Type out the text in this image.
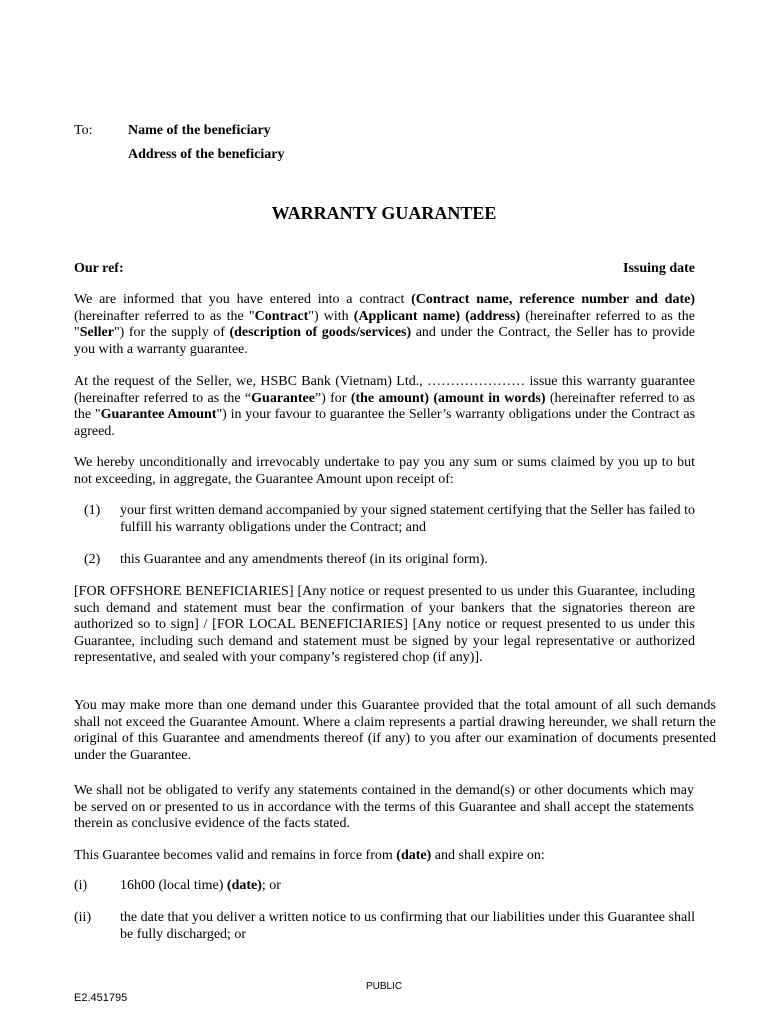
To:	Name of the beneficiary
Address of the beneficiary
WARRANTY GUARANTEE
Our ref:	Issuing date
We are informed that you have entered into a contract (Contract name, reference number and date) (hereinafter referred to as the "Contract") with (Applicant name) (address) (hereinafter referred to as the "Seller") for the supply of (description of goods/services) and under the Contract, the Seller has to provide you with a warranty guarantee.
At the request of the Seller, we, HSBC Bank (Vietnam) Ltd., ………………… issue this warranty guarantee (hereinafter referred to as the “Guarantee”) for (the amount) (amount in words) (hereinafter referred to as the "Guarantee Amount") in your favour to guarantee the Seller’s warranty obligations under the Contract as agreed.
We hereby unconditionally and irrevocably undertake to pay you any sum or sums claimed by you up to but not exceeding, in aggregate, the Guarantee Amount upon receipt of:
(1)	your first written demand accompanied by your signed statement certifying that the Seller has failed to fulfill his warranty obligations under the Contract; and
(2)	this Guarantee and any amendments thereof (in its original form).
[FOR OFFSHORE BENEFICIARIES] [Any notice or request presented to us under this Guarantee, including such demand and statement must bear the confirmation of your bankers that the signatories thereon are authorized so to sign] / [FOR LOCAL BENEFICIARIES] [Any notice or request presented to us under this Guarantee, including such demand and statement must be signed by your legal representative or authorized representative, and sealed with your company’s registered chop (if any)].
You may make more than one demand under this Guarantee provided that the total amount of all such demands shall not exceed the Guarantee Amount. Where a claim represents a partial drawing hereunder, we shall return the original of this Guarantee and amendments thereof (if any) to you after our examination of documents presented under the Guarantee.
We shall not be obligated to verify any statements contained in the demand(s) or other documents which may be served on or presented to us in accordance with the terms of this Guarantee and shall accept the statements therein as conclusive evidence of the facts stated.
This Guarantee becomes valid and remains in force from (date) and shall expire on:
(i)	16h00 (local time) (date); or
(ii)	the date that you deliver a written notice to us confirming that our liabilities under this Guarantee shall be fully discharged; or
PUBLIC
E2.451795
